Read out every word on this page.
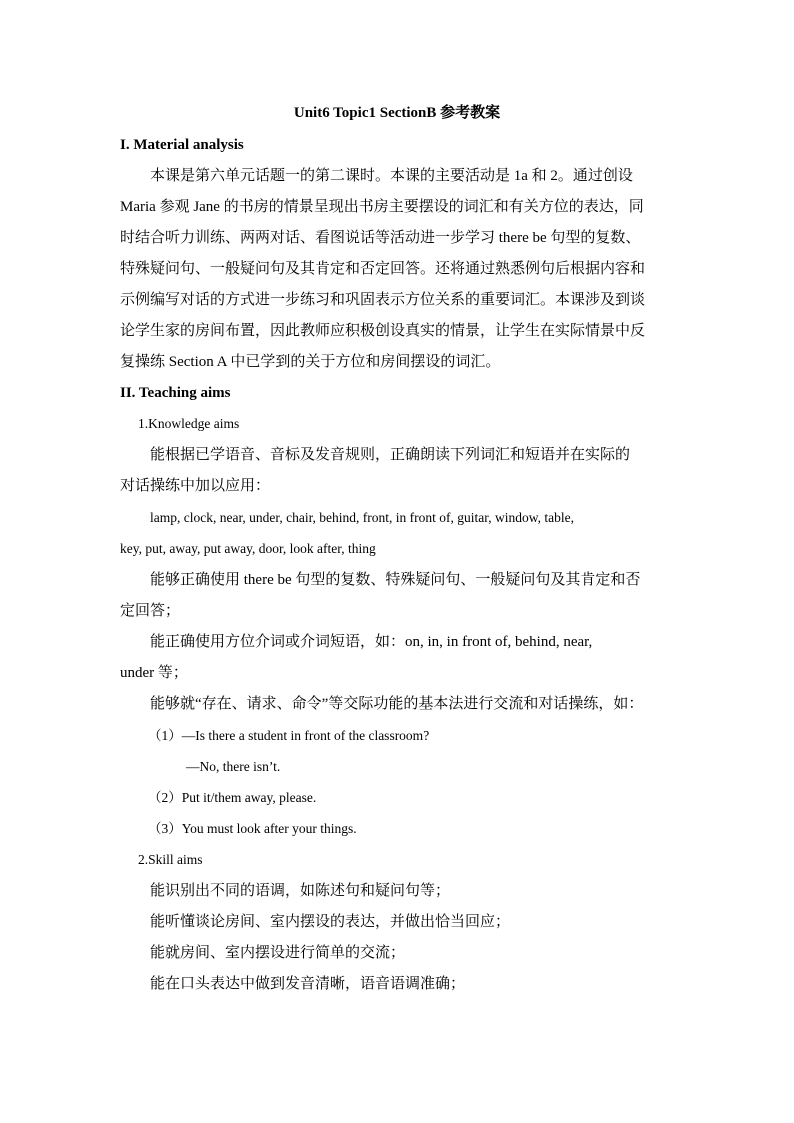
Unit6 Topic1 SectionB 参考教案
I. Material analysis
本课是第六单元话题一的第二课时。本课的主要活动是 1a 和 2。通过创设
Maria 参观 Jane 的书房的情景呈现出书房主要摆设的词汇和有关方位的表达，同
时结合听力训练、两两对话、看图说话等活动进一步学习 there be 句型的复数、
特殊疑问句、一般疑问句及其肯定和否定回答。还将通过熟悉例句后根据内容和
示例编写对话的方式进一步练习和巩固表示方位关系的重要词汇。本课涉及到谈
论学生家的房间布置，因此教师应积极创设真实的情景，让学生在实际情景中反
复操练 Section A 中已学到的关于方位和房间摆设的词汇。
II. Teaching aims
1.Knowledge aims
能根据已学语音、音标及发音规则，正确朗读下列词汇和短语并在实际的
对话操练中加以应用：
lamp, clock, near, under, chair, behind, front, in front of, guitar, window, table,
key, put, away, put away, door, look after, thing
能够正确使用 there be 句型的复数、特殊疑问句、一般疑问句及其肯定和否
定回答；
能正确使用方位介词或介词短语，如：on, in, in front of, behind, near,
under 等；
能够就“存在、请求、命令”等交际功能的基本法进行交流和对话操练，如：
（1）—Is there a student in front of the classroom?
—No, there isn’t.
（2）Put it/them away, please.
（3）You must look after your things.
2.Skill aims
能识别出不同的语调，如陈述句和疑问句等；
能听懂谈论房间、室内摆设的表达，并做出恰当回应；
能就房间、室内摆设进行简单的交流；
能在口头表达中做到发音清晰，语音语调准确；
